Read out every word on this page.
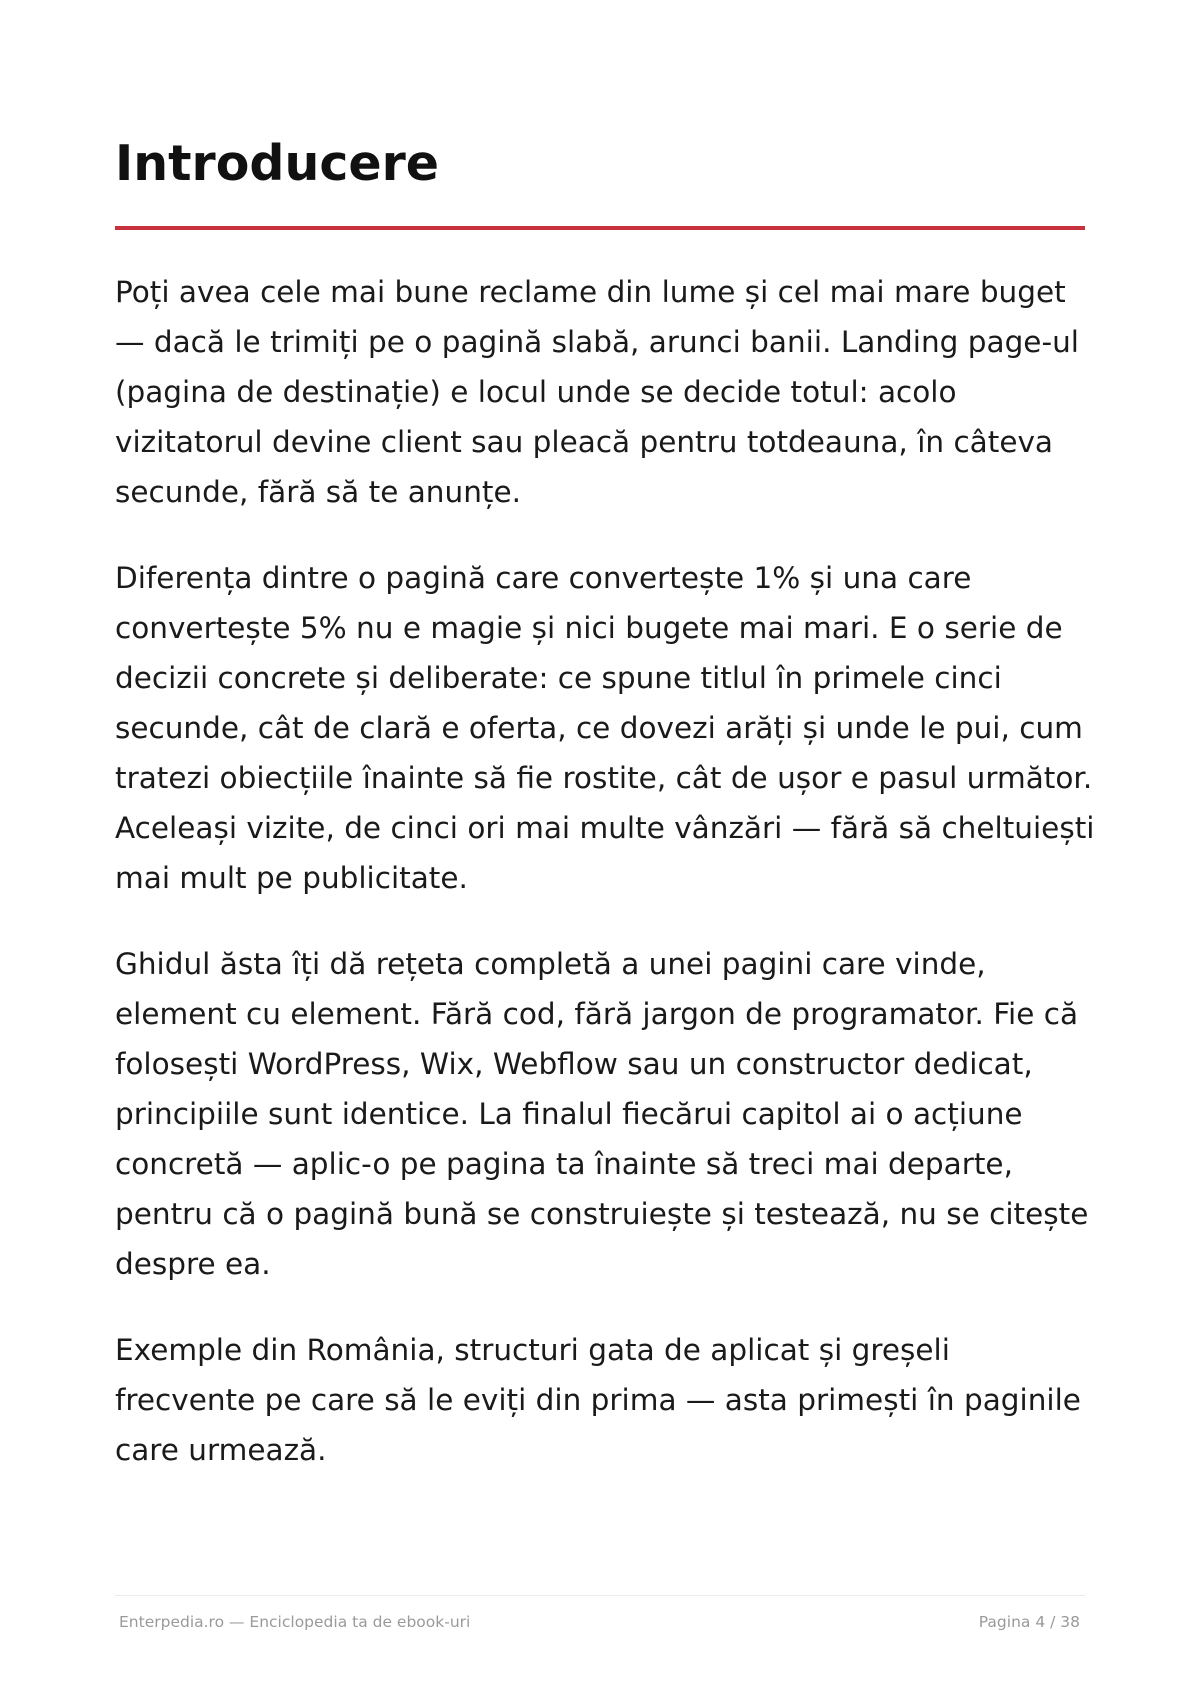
Introducere

Poți avea cele mai bune reclame din lume și cel mai mare buget — dacă le trimiți pe o pagină slabă, arunci banii. Landing page-ul (pagina de destinație) e locul unde se decide totul: acolo vizitatorul devine client sau pleacă pentru totdeauna, în câteva secunde, fără să te anunțe.

Diferența dintre o pagină care convertește 1% și una care convertește 5% nu e magie și nici bugete mai mari. E o serie de decizii concrete și deliberate: ce spune titlul în primele cinci secunde, cât de clară e oferta, ce dovezi arăți și unde le pui, cum tratezi obiecțiile înainte să fie rostite, cât de ușor e pasul următor. Aceleași vizite, de cinci ori mai multe vânzări — fără să cheltuiești mai mult pe publicitate.

Ghidul ăsta îți dă rețeta completă a unei pagini care vinde, element cu element. Fără cod, fără jargon de programator. Fie că folosești WordPress, Wix, Webflow sau un constructor dedicat, principiile sunt identice. La finalul fiecărui capitol ai o acțiune concretă — aplic-o pe pagina ta înainte să treci mai departe, pentru că o pagină bună se construiește și testează, nu se citește despre ea.

Exemple din România, structuri gata de aplicat și greșeli frecvente pe care să le eviți din prima — asta primești în paginile care urmează.

Enterpedia.ro — Enciclopedia ta de ebook-uri	Pagina 4 / 38
